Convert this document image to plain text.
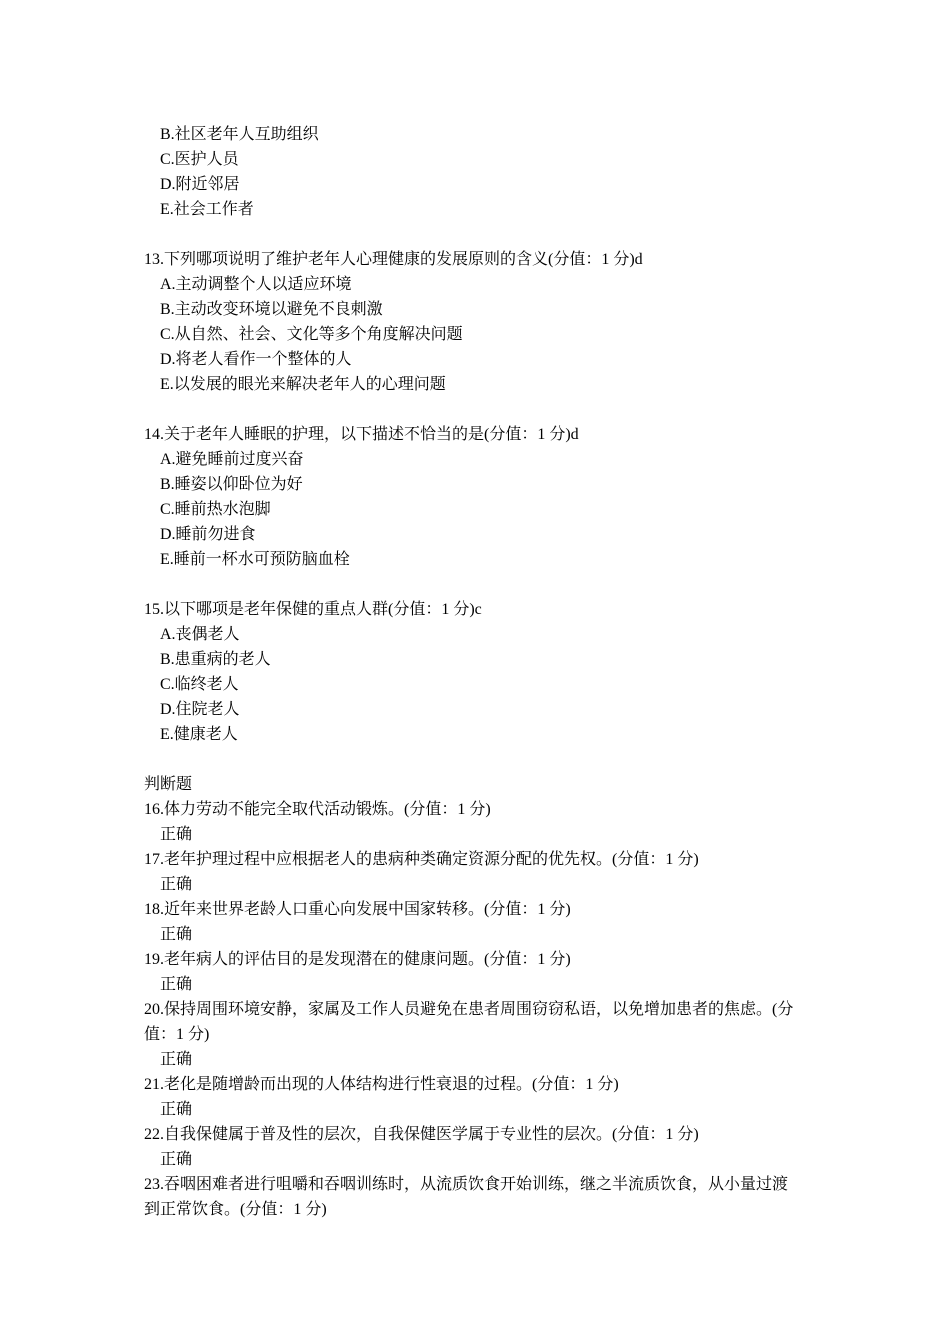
B.社区老年人互助组织
C.医护人员
D.附近邻居
E.社会工作者
13.下列哪项说明了维护老年人心理健康的发展原则的含义(分值：1 分)d
A.主动调整个人以适应环境
B.主动改变环境以避免不良刺激
C.从自然、社会、文化等多个角度解决问题
D.将老人看作一个整体的人
E.以发展的眼光来解决老年人的心理问题
14.关于老年人睡眠的护理，以下描述不恰当的是(分值：1 分)d
A.避免睡前过度兴奋
B.睡姿以仰卧位为好
C.睡前热水泡脚
D.睡前勿进食
E.睡前一杯水可预防脑血栓
15.以下哪项是老年保健的重点人群(分值：1 分)c
A.丧偶老人
B.患重病的老人
C.临终老人
D.住院老人
E.健康老人
判断题
16.体力劳动不能完全取代活动锻炼。(分值：1 分)
正确
17.老年护理过程中应根据老人的患病种类确定资源分配的优先权。(分值：1 分)
正确
18.近年来世界老龄人口重心向发展中国家转移。(分值：1 分)
正确
19.老年病人的评估目的是发现潜在的健康问题。(分值：1 分)
正确
20.保持周围环境安静，家属及工作人员避免在患者周围窃窃私语，以免增加患者的焦虑。(分
值：1 分)
正确
21.老化是随增龄而出现的人体结构进行性衰退的过程。(分值：1 分)
正确
22.自我保健属于普及性的层次，自我保健医学属于专业性的层次。(分值：1 分)
正确
23.吞咽困难者进行咀嚼和吞咽训练时，从流质饮食开始训练，继之半流质饮食，从小量过渡
到正常饮食。(分值：1 分)
